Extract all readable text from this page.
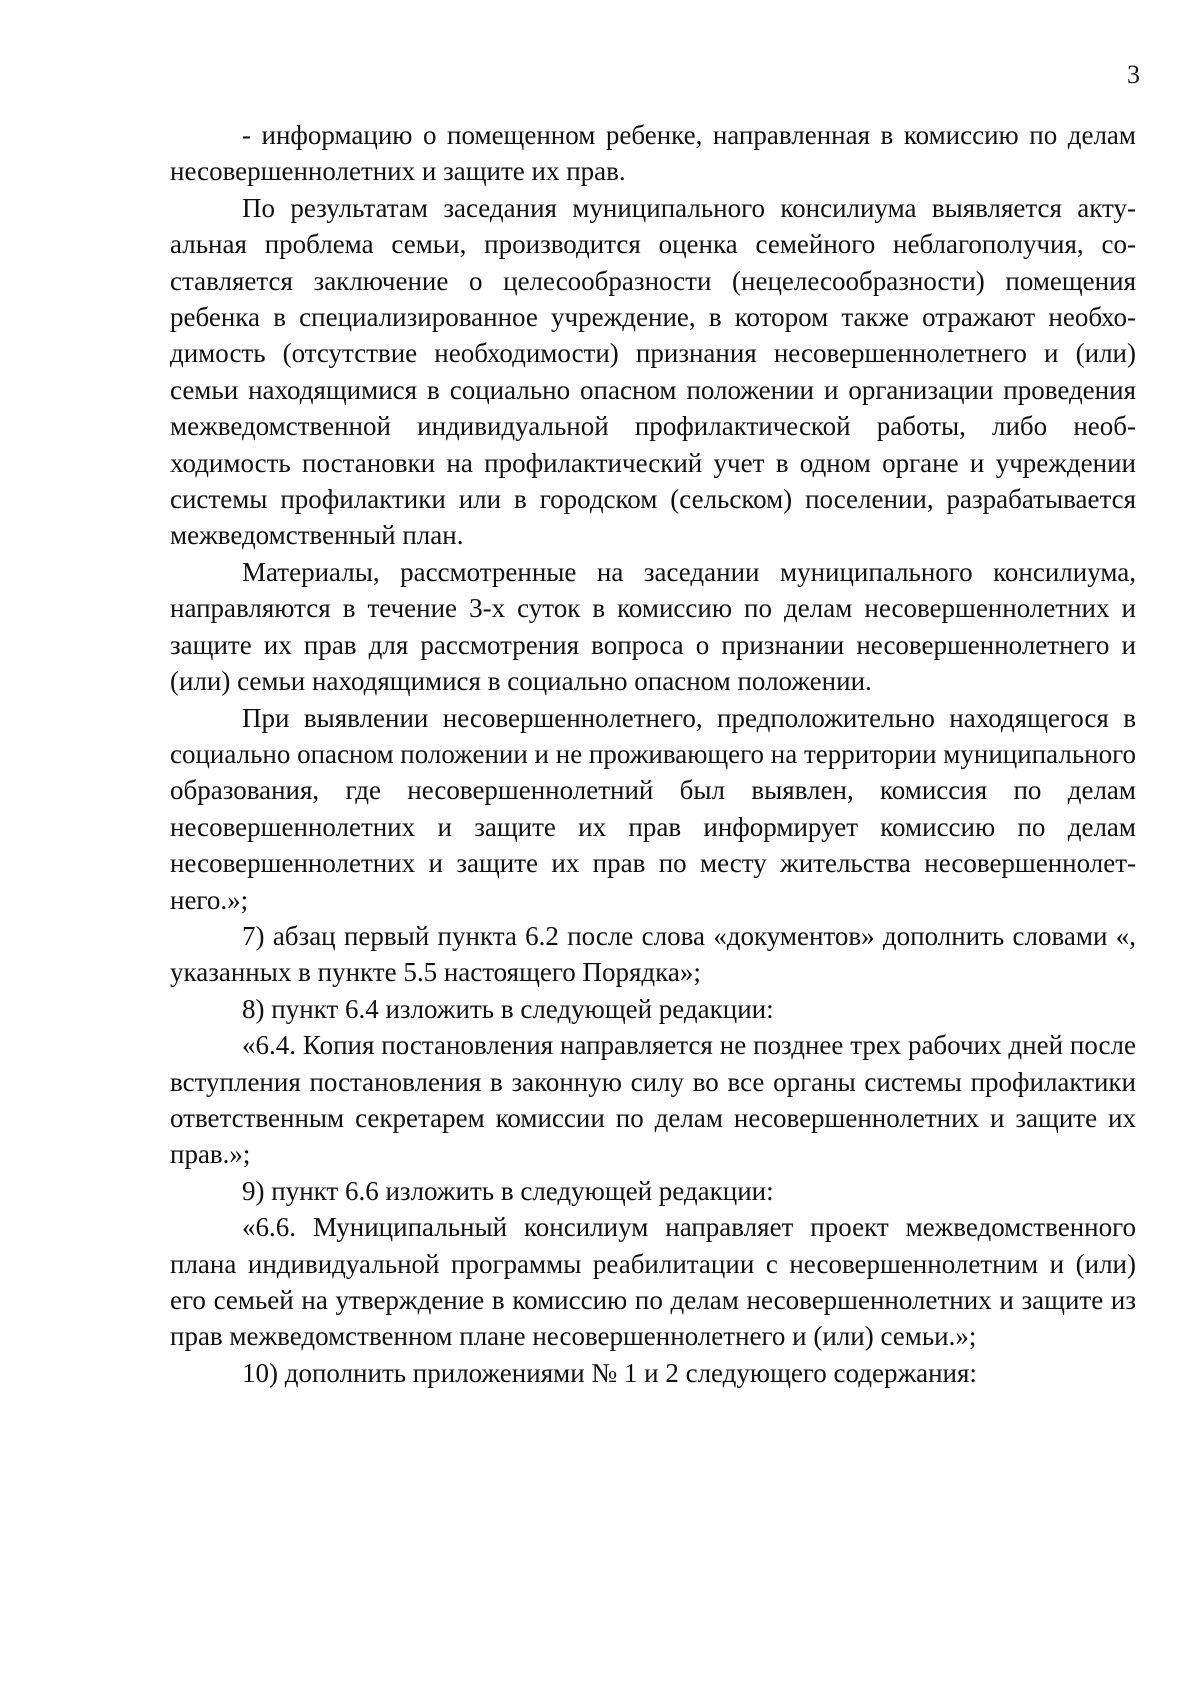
3

- информацию о помещенном ребенке, направленная в комиссию по делам несовершеннолетних и защите их прав.

По результатам заседания муниципального консилиума выявляется актуальная проблема семьи, производится оценка семейного неблагополучия, составляется заключение о целесообразности (нецелесообразности) помещения ребенка в специализированное учреждение, в котором также отражают необходимость (отсутствие необходимости) признания несовершеннолетнего и (или) семьи находящимися в социально опасном положении и организации проведения межведомственной индивидуальной профилактической работы, либо необходимость постановки на профилактический учет в одном органе и учреждении системы профилактики или в городском (сельском) поселении, разрабатывается межведомственный план.

Материалы, рассмотренные на заседании муниципального консилиума, направляются в течение 3-х суток в комиссию по делам несовершеннолетних и защите их прав для рассмотрения вопроса о признании несовершеннолетнего и (или) семьи находящимися в социально опасном положении.

При выявлении несовершеннолетнего, предположительно находящегося в социально опасном положении и не проживающего на территории муниципального образования, где несовершеннолетний был выявлен, комиссия по делам несовершеннолетних и защите их прав информирует комиссию по делам несовершеннолетних и защите их прав по месту жительства несовершеннолетнего.»;

7) абзац первый пункта 6.2 после слова «документов» дополнить словами «, указанных в пункте 5.5 настоящего Порядка»;

8) пункт 6.4 изложить в следующей редакции:

«6.4. Копия постановления направляется не позднее трех рабочих дней после вступления постановления в законную силу во все органы системы профилактики ответственным секретарем комиссии по делам несовершеннолетних и защите их прав.»;

9) пункт 6.6 изложить в следующей редакции:

«6.6. Муниципальный консилиум направляет проект межведомственного плана индивидуальной программы реабилитации с несовершеннолетним и (или) его семьей на утверждение в комиссию по делам несовершеннолетних и защите из прав межведомственном плане несовершеннолетнего и (или) семьи.»;

10) дополнить приложениями № 1 и 2 следующего содержания:
